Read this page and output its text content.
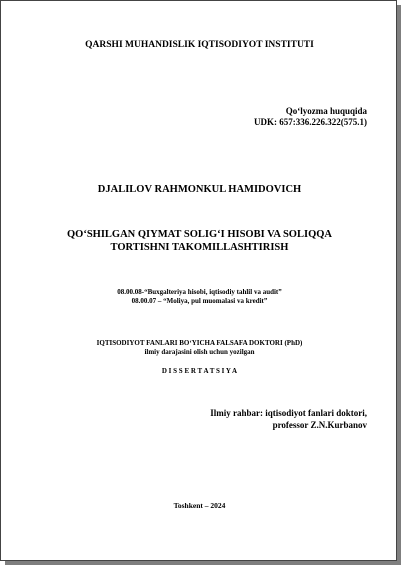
QARSHI MUHANDISLIK IQTISODIYOT INSTITUTI
Qo‘lyozma huquqida
UDK: 657:336.226.322(575.1)
DJALILOV RAHMONKUL HAMIDOVICH
QO‘SHILGAN QIYMAT SOLIG‘I HISOBI VA SOLIQQA
TORTISHNI TAKOMILLASHTIRISH
08.00.08-“Buxgalteriya hisobi, iqtisodiy tahlil va audit”
08.00.07 – “Moliya, pul muomalasi va kredit”
IQTISODIYOT FANLARI BO‘YICHA FALSAFA DOKTORI (PhD)
ilmiy darajasini olish uchun yozilgan
D I S S E R T A T S I Y A
Ilmiy rahbar: iqtisodiyot fanlari doktori,
professor Z.N.Kurbanov
Toshkent – 2024
